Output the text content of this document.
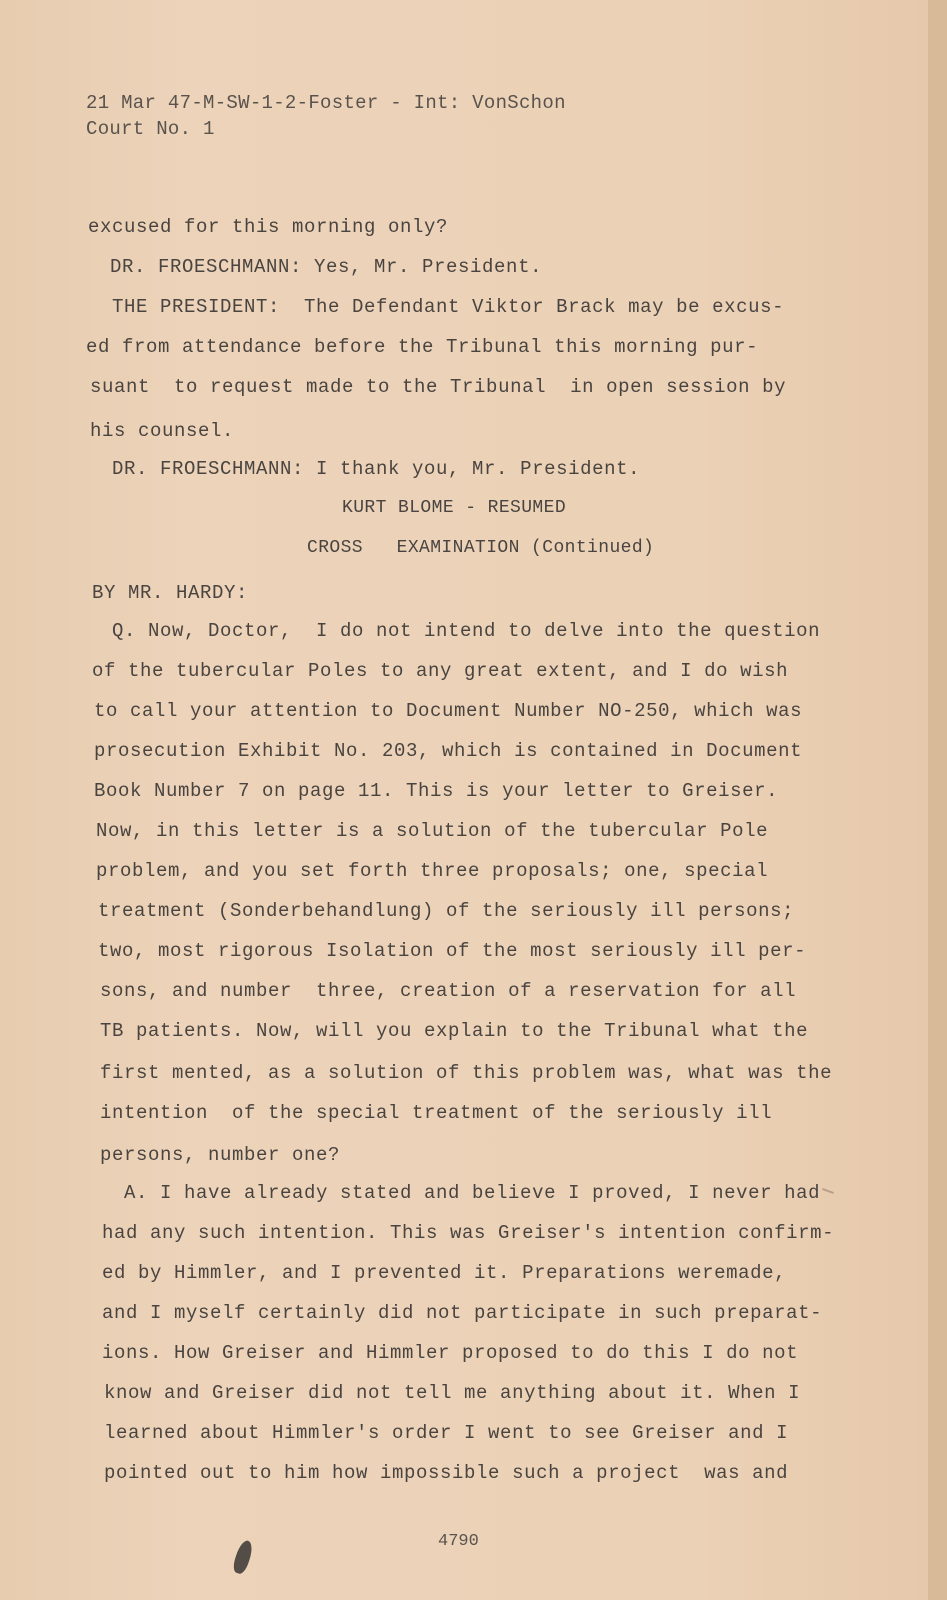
21 Mar 47-M-SW-1-2-Foster - Int: VonSchon
Court No. 1
excused for this morning only?
DR. FROESCHMANN: Yes, Mr. President.
THE PRESIDENT:  The Defendant Viktor Brack may be excus-
ed from attendance before the Tribunal this morning pur-
suant  to request made to the Tribunal  in open session by
his counsel.
DR. FROESCHMANN: I thank you, Mr. President.
KURT BLOME - RESUMED
CROSS   EXAMINATION (Continued)
BY MR. HARDY:
Q. Now, Doctor,  I do not intend to delve into the question
of the tubercular Poles to any great extent, and I do wish
to call your attention to Document Number NO-250, which was
prosecution Exhibit No. 203, which is contained in Document
Book Number 7 on page 11. This is your letter to Greiser.
Now, in this letter is a solution of the tubercular Pole
problem, and you set forth three proposals; one, special
treatment (Sonderbehandlung) of the seriously ill persons;
two, most rigorous Isolation of the most seriously ill per-
sons, and number  three, creation of a reservation for all
TB patients. Now, will you explain to the Tribunal what the
first mented, as a solution of this problem was, what was the
intention  of the special treatment of the seriously ill
persons, number one?
A. I have already stated and believe I proved, I never had
had any such intention. This was Greiser's intention confirm-
ed by Himmler, and I prevented it. Preparations weremade,
and I myself certainly did not participate in such preparat-
ions. How Greiser and Himmler proposed to do this I do not
know and Greiser did not tell me anything about it. When I
learned about Himmler's order I went to see Greiser and I
pointed out to him how impossible such a project  was and
4790
